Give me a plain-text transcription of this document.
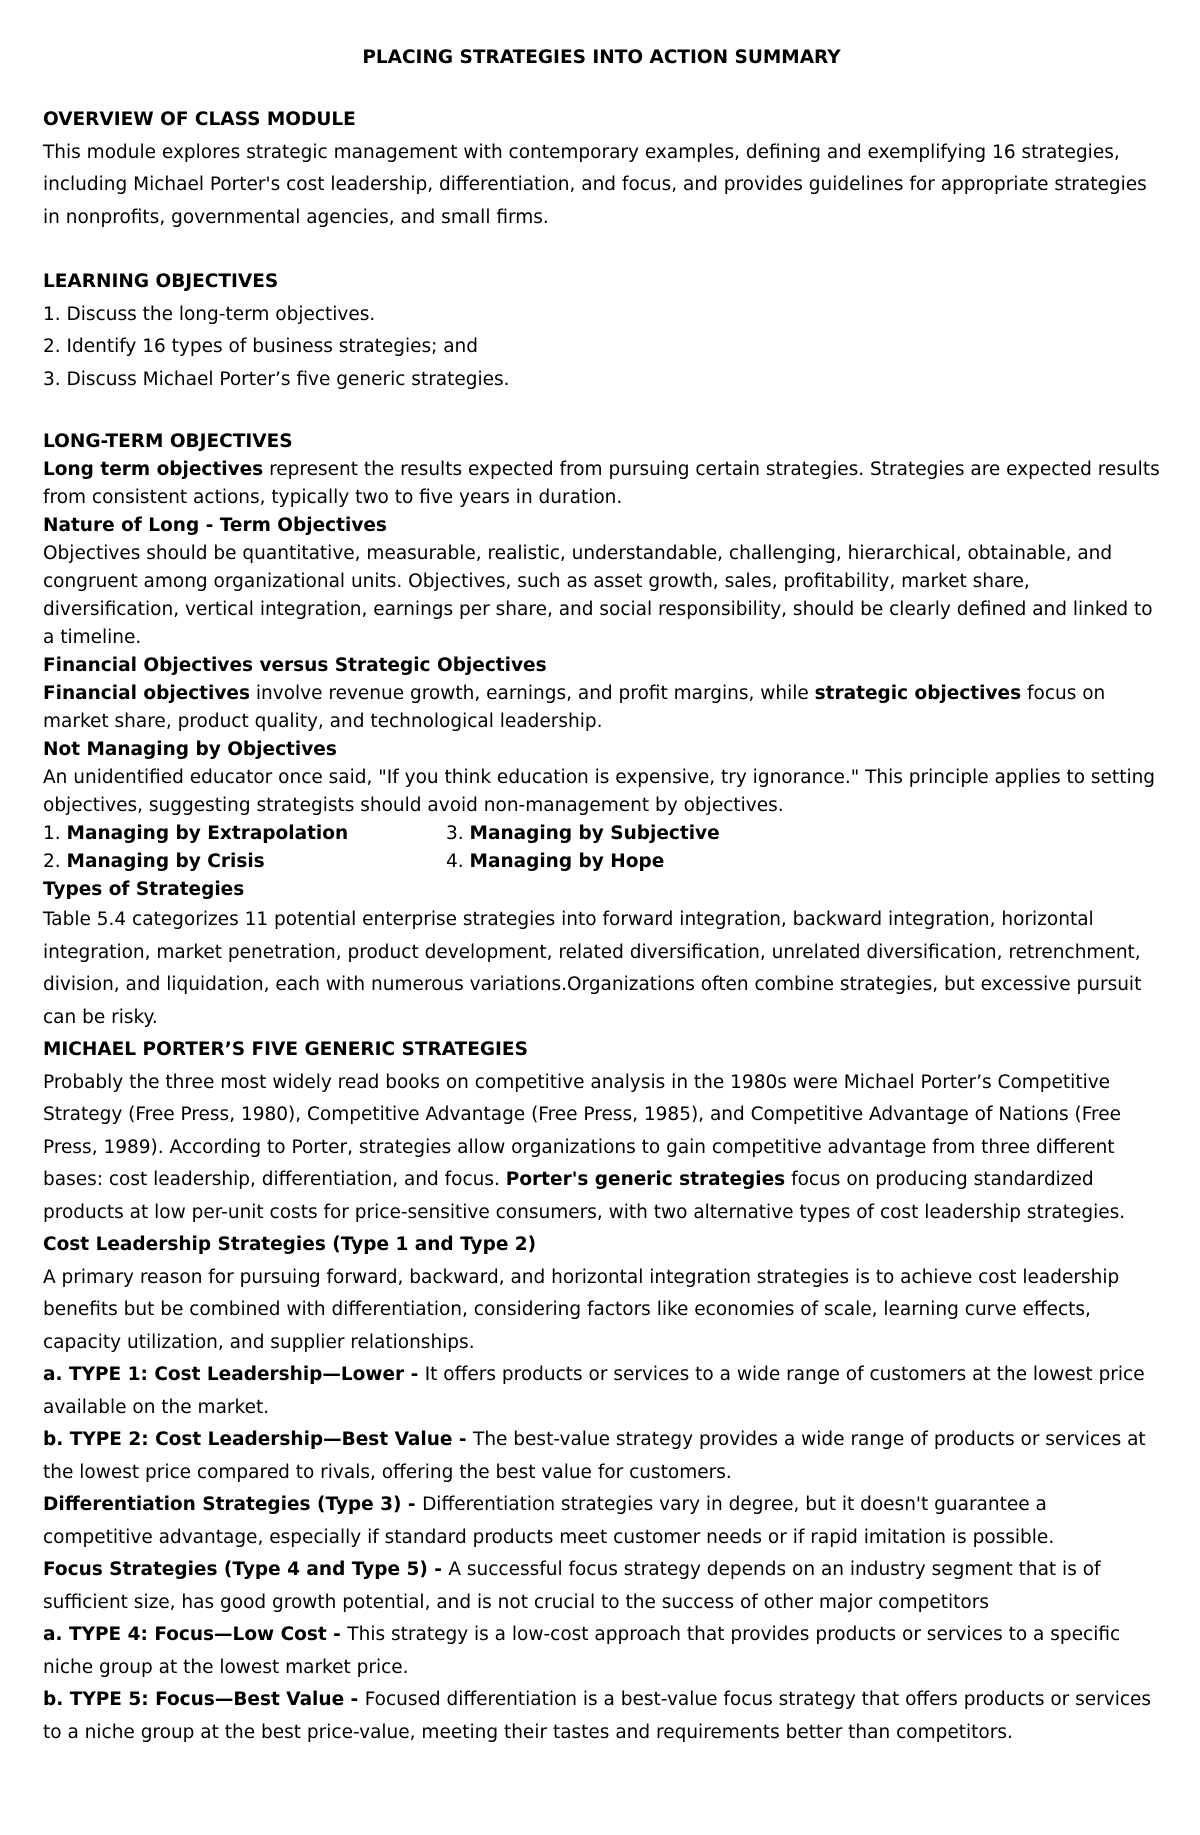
PLACING STRATEGIES INTO ACTION SUMMARY
OVERVIEW OF CLASS MODULE

This module explores strategic management with contemporary examples, defining and exemplifying 16 strategies, including Michael Porter's cost leadership, differentiation, and focus, and provides guidelines for appropriate strategies in nonprofits, governmental agencies, and small firms.

LEARNING OBJECTIVES

1. Discuss the long-term objectives.

2. Identify 16 types of business strategies; and

3. Discuss Michael Porter’s five generic strategies.

LONG-TERM OBJECTIVES

Long term objectives represent the results expected from pursuing certain strategies. Strategies are expected results from consistent actions, typically two to five years in duration.

Nature of Long - Term Objectives

Objectives should be quantitative, measurable, realistic, understandable, challenging, hierarchical, obtainable, and congruent among organizational units. Objectives, such as asset growth, sales, profitability, market share, diversification, vertical integration, earnings per share, and social responsibility, should be clearly defined and linked to a timeline.

Financial Objectives versus Strategic Objectives

Financial objectives involve revenue growth, earnings, and profit margins, while strategic objectives focus on market share, product quality, and technological leadership.

Not Managing by Objectives

An unidentified educator once said, "If you think education is expensive, try ignorance." This principle applies to setting objectives, suggesting strategists should avoid non-management by objectives.

1. Managing by Extrapolation	3. Managing by Subjective
2. Managing by Crisis	4. Managing by Hope
Types of Strategies

Table 5.4 categorizes 11 potential enterprise strategies into forward integration, backward integration, horizontal integration, market penetration, product development, related diversification, unrelated diversification, retrenchment, division, and liquidation, each with numerous variations.Organizations often combine strategies, but excessive pursuit can be risky.

MICHAEL PORTER’S FIVE GENERIC STRATEGIES

Probably the three most widely read books on competitive analysis in the 1980s were Michael Porter’s Competitive Strategy (Free Press, 1980), Competitive Advantage (Free Press, 1985), and Competitive Advantage of Nations (Free Press, 1989). According to Porter, strategies allow organizations to gain competitive advantage from three different bases: cost leadership, differentiation, and focus. Porter's generic strategies focus on producing standardized products at low per-unit costs for price-sensitive consumers, with two alternative types of cost leadership strategies.

Cost Leadership Strategies (Type 1 and Type 2)

A primary reason for pursuing forward, backward, and horizontal integration strategies is to achieve cost leadership benefits but be combined with differentiation, considering factors like economies of scale, learning curve effects, capacity utilization, and supplier relationships.

a. TYPE 1: Cost Leadership—Lower - It offers products or services to a wide range of customers at the lowest price available on the market.

b. TYPE 2: Cost Leadership—Best Value - The best-value strategy provides a wide range of products or services at the lowest price compared to rivals, offering the best value for customers.

Differentiation Strategies (Type 3) - Differentiation strategies vary in degree, but it doesn't guarantee a competitive advantage, especially if standard products meet customer needs or if rapid imitation is possible.

Focus Strategies (Type 4 and Type 5) - A successful focus strategy depends on an industry segment that is of sufficient size, has good growth potential, and is not crucial to the success of other major competitors

a. TYPE 4: Focus—Low Cost - This strategy is a low-cost approach that provides products or services to a specific niche group at the lowest market price.

b. TYPE 5: Focus—Best Value - Focused differentiation is a best-value focus strategy that offers products or services to a niche group at the best price-value, meeting their tastes and requirements better than competitors.
